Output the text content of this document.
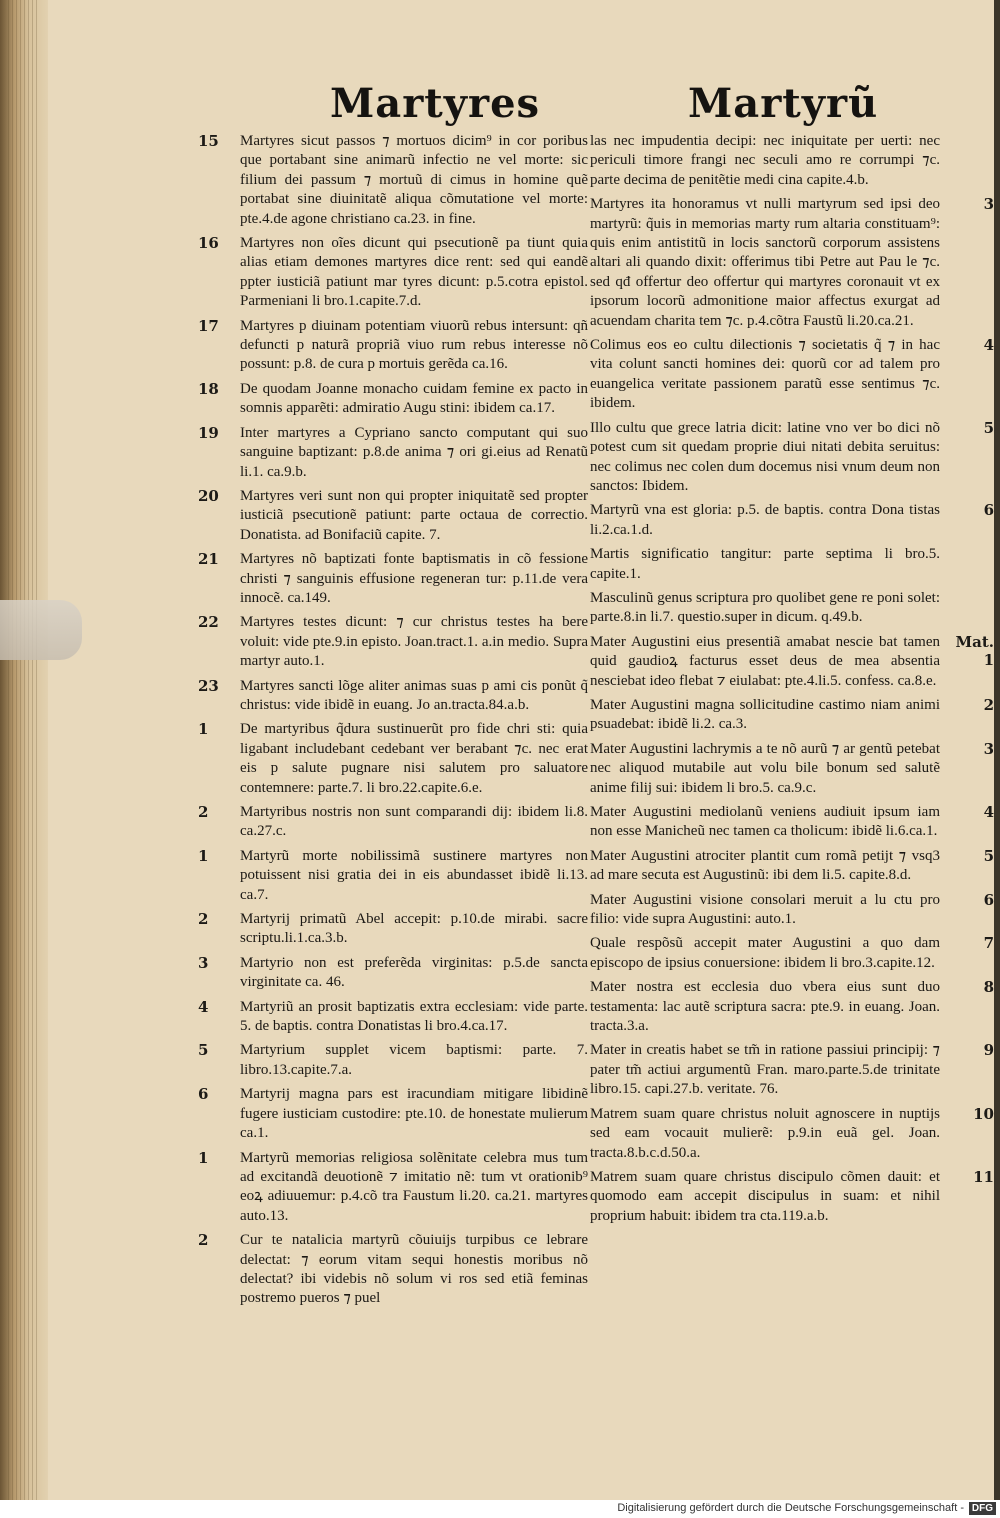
Martyres	Martyrũ
15	Martyres sicut passos ⁊ mortuos dicim⁹ in cor poribus que portabant sine animarũ infectio ne vel morte: sic filium dei passum ⁊ mortuũ di cimus in homine quẽ portabat sine diuinitatẽ aliqua cõmutatione vel morte: pte.4.de agone christiano ca.23. in fine.
16	Martyres non oĩes dicunt qui psecutionẽ pa tiunt quia alias etiam demones martyres dice rent: sed qui eandẽ ppter iusticiã patiunt mar tyres dicunt: p.5.cotra epistol. Parmeniani li bro.1.capite.7.d.
17	Martyres p diuinam potentiam viuorũ rebus intersunt: qñ defuncti p naturã propriã viuo rum rebus interesse nõ possunt: p.8. de cura p mortuis gerẽda ca.16.
18	De quodam Joanne monacho cuidam femine ex pacto in somnis apparẽti: admiratio Augu stini: ibidem ca.17.
19	Inter martyres a Cypriano sancto computant qui suo sanguine baptizant: p.8.de anima ⁊ ori gi.eius ad Renatũ li.1. ca.9.b.
20	Martyres veri sunt non qui propter iniquitatẽ sed propter iusticiã psecutionẽ patiunt: parte octaua de correctio. Donatista. ad Bonifaciũ capite. 7.
21	Martyres nõ baptizati fonte baptismatis in cõ fessione christi ⁊ sanguinis effusione regeneran tur: p.11.de vera innocẽ. ca.149.
22	Martyres testes dicunt: ⁊ cur christus testes ha bere voluit: vide pte.9.in episto. Joan.tract.1. a.in medio. Supra martyr auto.1.
23	Martyres sancti lõge aliter animas suas p ami cis ponũt q̃ christus: vide ibidẽ in euang. Jo an.tracta.84.a.b.
1	De martyribus q̃dura sustinuerũt pro fide chri sti: quia ligabant includebant cedebant ver berabant ⁊c. nec erat eis p salute pugnare nisi salutem pro saluatore contemnere: parte.7. li bro.22.capite.6.e.
2	Martyribus nostris non sunt comparandi dij: ibidem li.8. ca.27.c.
1	Martyrũ morte nobilissimã sustinere martyres non potuissent nisi gratia dei in eis abundasset ibidẽ li.13. ca.7.
2	Martyrij primatũ Abel accepit: p.10.de mirabi. sacre scriptu.li.1.ca.3.b.
3	Martyrio non est preferẽda virginitas: p.5.de sancta virginitate ca. 46.
4	Martyriũ an prosit baptizatis extra ecclesiam: vide parte. 5. de baptis. contra Donatistas li bro.4.ca.17.
5	Martyrium supplet vicem baptismi: parte. 7. libro.13.capite.7.a.
6	Martyrij magna pars est iracundiam mitigare libidinẽ fugere iusticiam custodire: pte.10. de honestate mulierum ca.1.
1	Martyrũ memorias religiosa solẽnitate celebra mus tum ad excitandã deuotionẽ ⁊ imitatio nẽ: tum vt orationib⁹ eoꝝ adiuuemur: p.4.cõ tra Faustum li.20. ca.21. martyres auto.13.
2	Cur te natalicia martyrũ cõuiuijs turpibus ce lebrare delectat: ⁊ eorum vitam sequi honestis moribus nõ delectat? ibi videbis nõ solum vi ros sed etiã feminas postremo pueros ⁊ puel
las nec impudentia decipi: nec iniquitate per uerti: nec periculi timore frangi nec seculi amo re corrumpi ⁊c. parte decima de penitẽtie medi cina capite.4.b.
3
Martyres ita honoramus vt nulli martyrum sed ipsi deo martyrũ: q̃uis in memorias marty rum altaria constituam⁹: quis enim antistitũ in locis sanctorũ corporum assistens altari ali quando dixit: offerimus tibi Petre aut Pau le ⁊c. sed qđ offertur deo offertur qui martyres coronauit vt ex ipsorum locorũ admonitione maior affectus exurgat ad acuendam charita tem ⁊c. p.4.cõtra Faustũ li.20.ca.21.
4
Colimus eos eo cultu dilectionis ⁊ societatis q̃ ⁊ in hac vita colunt sancti homines dei: quorũ cor ad talem pro euangelica veritate passionem paratũ esse sentimus ⁊c. ibidem.
5
Illo cultu que grece latria dicit: latine vno ver bo dici nõ potest cum sit quedam proprie diui nitati debita seruitus: nec colimus nec colen dum docemus nisi vnum deum non sanctos: Ibidem.
6
Martyrũ vna est gloria: p.5. de baptis. contra Dona tistas li.2.ca.1.d.
Martis significatio tangitur: parte septima li bro.5. capite.1.
Masculinũ genus scriptura pro quolibet gene re poni solet: parte.8.in li.7. questio.super in dicum. q.49.b.
Mat. 1
Mater Augustini eius presentiã amabat nescie bat tamen quid gaudioꝝ facturus esset deus de mea absentia nesciebat ideo flebat ⁊ eiulabat: pte.4.li.5. confess. ca.8.e.
2
Mater Augustini magna sollicitudine castimo niam animi psuadebat: ibidẽ li.2. ca.3.
3
Mater Augustini lachrymis a te nõ aurũ ⁊ ar gentũ petebat nec aliquod mutabile aut volu bile bonum sed salutẽ anime filij sui: ibidem li bro.5. ca.9.c.
4
Mater Augustini mediolanũ veniens audiuit ipsum iam non esse Manicheũ nec tamen ca tholicum: ibidẽ li.6.ca.1.
5
Mater Augustini atrociter plantit cum romã petijt ⁊ vsq3 ad mare secuta est Augustinũ: ibi dem li.5. capite.8.d.
6
Mater Augustini visione consolari meruit a lu ctu pro filio: vide supra Augustini: auto.1.
7
Quale respõsũ accepit mater Augustini a quo dam episcopo de ipsius conuersione: ibidem li bro.3.capite.12.
8
Mater nostra est ecclesia duo vbera eius sunt duo testamenta: lac autẽ scriptura sacra: pte.9. in euang. Joan. tracta.3.a.
9
Mater in creatis habet se tm̃ in ratione passiui principij: ⁊ pater tm̃ actiui argumentũ Fran. maro.parte.5.de trinitate libro.15. capi.27.b. veritate. 76.
10
Matrem suam quare christus noluit agnoscere in nuptijs sed eam vocauit mulierẽ: p.9.in euã gel. Joan. tracta.8.b.c.d.50.a.
11
Matrem suam quare christus discipulo cõmen dauit: et quomodo eam accepit discipulus in suam: et nihil proprium habuit: ibidem tra cta.119.a.b.
Digitalisierung gefördert durch die Deutsche Forschungsgemeinschaft - DFG
